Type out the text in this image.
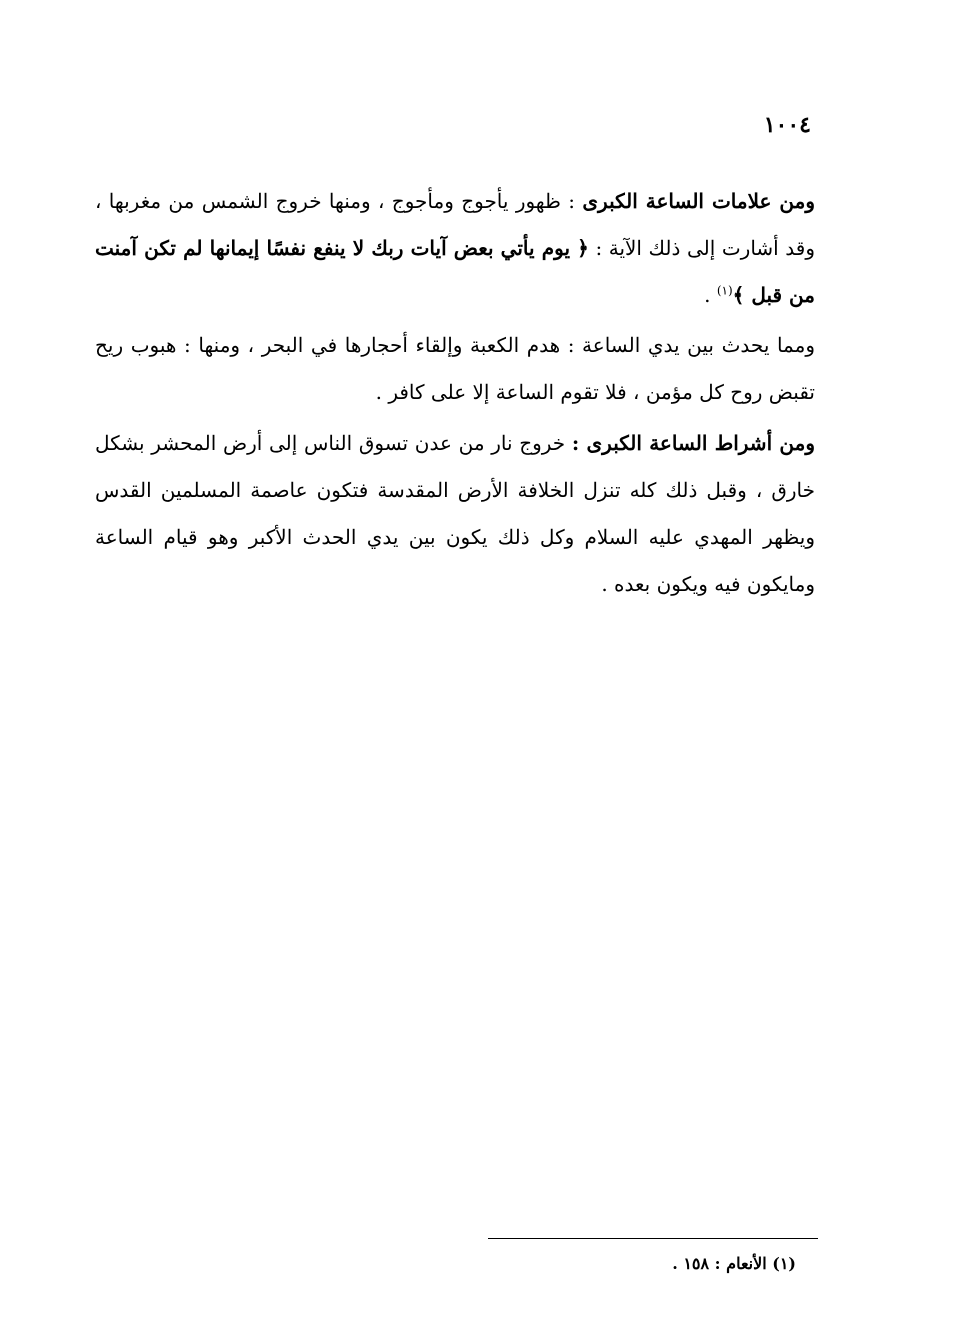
١٠٠٤
ومن علامات الساعة الكبرى : ظهور يأجوج ومأجوج ، ومنها خروج الشمس من مغربها ، وقد أشارت إلى ذلك الآية : ﴿ يوم يأتي بعض آيات ربك لا ينفع نفسًا إيمانها لم تكن آمنت من قبل ﴾$^{(١)}$ .
ومما يحدث بين يدي الساعة : هدم الكعبة وإلقاء أحجارها في البحر ، ومنها : هبوب ريح تقبض روح كل مؤمن ، فلا تقوم الساعة إلا على كافر .
ومن أشراط الساعة الكبرى : خروج نار من عدن تسوق الناس إلى أرض المحشر بشكل خارق ، وقبل ذلك كله تنزل الخلافة الأرض المقدسة فتكون عاصمة المسلمين القدس ويظهر المهدي عليه السلام وكل ذلك يكون بين يدي الحدث الأكبر وهو قيام الساعة ومايكون فيه ويكون بعده .
(١) الأنعام : ١٥٨ .
